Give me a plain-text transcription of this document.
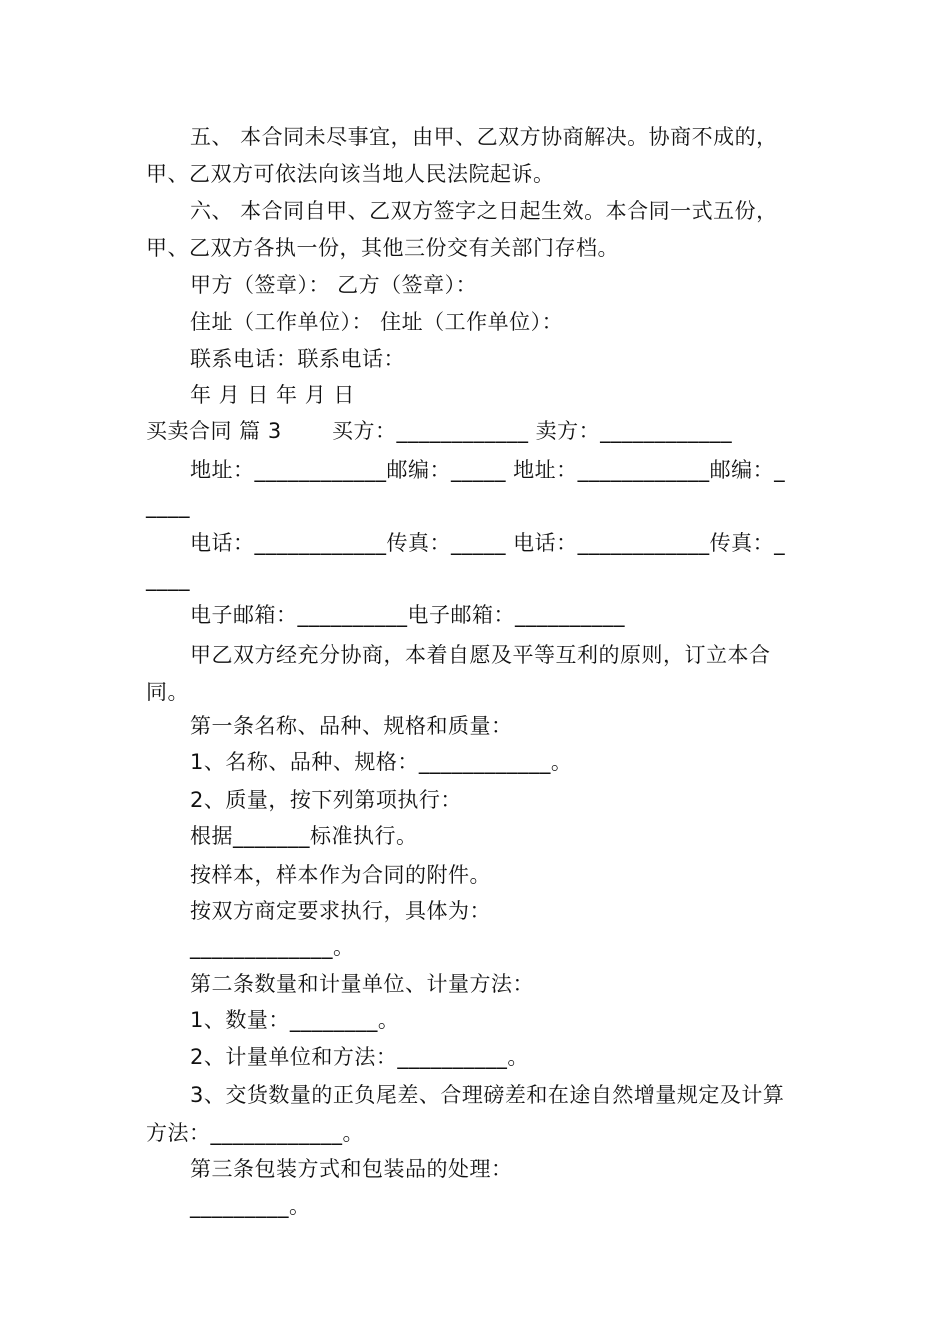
五、 本合同未尽事宜，由甲、乙双方协商解决。协商不成的，
甲、乙双方可依法向该当地人民法院起诉。
六、 本合同自甲、乙双方签字之日起生效。本合同一式五份，
甲、乙双方各执一份，其他三份交有关部门存档。
甲方（签章）： 乙方（签章）：
住址（工作单位）： 住址（工作单位）：
联系电话：联系电话：
年 月 日 年 月 日
买卖合同 篇 3       买方：____________ 卖方：____________
地址：____________邮编：_____ 地址：____________邮编：_
____
电话：____________传真：_____ 电话：____________传真：_
____
电子邮箱：__________电子邮箱：__________
甲乙双方经充分协商，本着自愿及平等互利的原则，订立本合
同。
第一条名称、品种、规格和质量：
1、名称、品种、规格：____________。
2、质量，按下列第项执行：
根据_______标准执行。
按样本，样本作为合同的附件。
按双方商定要求执行，具体为：
_____________。
第二条数量和计量单位、计量方法：
1、数量：________。
2、计量单位和方法：__________。
3、交货数量的正负尾差、合理磅差和在途自然增量规定及计算
方法：____________。
第三条包装方式和包装品的处理：
_________。
